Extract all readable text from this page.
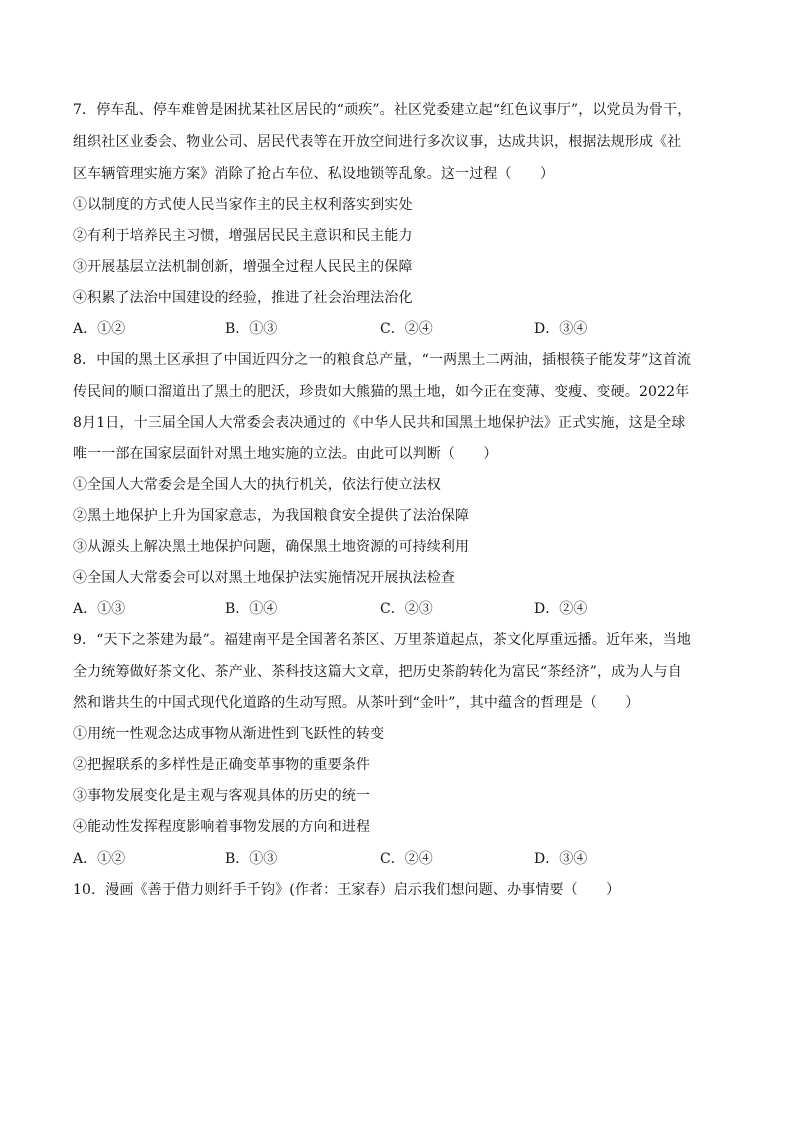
7．停车乱、停车难曾是困扰某社区居民的“顽疾”。社区党委建立起“红色议事厅”，以党员为骨干，
组织社区业委会、物业公司、居民代表等在开放空间进行多次议事，达成共识，根据法规形成《社
区车辆管理实施方案》消除了抢占车位、私设地锁等乱象。这一过程（　　）
①以制度的方式使人民当家作主的民主权利落实到实处
②有利于培养民主习惯，增强居民民主意识和民主能力
③开展基层立法机制创新，增强全过程人民民主的保障
④积累了法治中国建设的经验，推进了社会治理法治化
A．①②	B．①③	C．②④	D．③④
8．中国的黑土区承担了中国近四分之一的粮食总产量，“一两黑土二两油，插根筷子能发芽”这首流
传民间的顺口溜道出了黑土的肥沃，珍贵如大熊猫的黑土地，如今正在变薄、变瘦、变硬。2022年
8月1日，十三届全国人大常委会表决通过的《中华人民共和国黑土地保护法》正式实施，这是全球
唯一一部在国家层面针对黑土地实施的立法。由此可以判断（　　）
①全国人大常委会是全国人大的执行机关，依法行使立法权
②黑土地保护上升为国家意志，为我国粮食安全提供了法治保障
③从源头上解决黑土地保护问题，确保黑土地资源的可持续利用
④全国人大常委会可以对黑土地保护法实施情况开展执法检查
A．①③	B．①④	C．②③	D．②④
9．“天下之茶建为最”。福建南平是全国著名茶区、万里茶道起点，茶文化厚重远播。近年来，当地
全力统筹做好茶文化、茶产业、茶科技这篇大文章，把历史茶韵转化为富民“茶经济”，成为人与自
然和谐共生的中国式现代化道路的生动写照。从茶叶到“金叶”，其中蕴含的哲理是（　　）
①用统一性观念达成事物从渐进性到飞跃性的转变
②把握联系的多样性是正确变革事物的重要条件
③事物发展变化是主观与客观具体的历史的统一
④能动性发挥程度影响着事物发展的方向和进程
A．①②	B．①③	C．②④	D．③④
10．漫画《善于借力则纤手千钧》(作者：王家春）启示我们想问题、办事情要（　　）
